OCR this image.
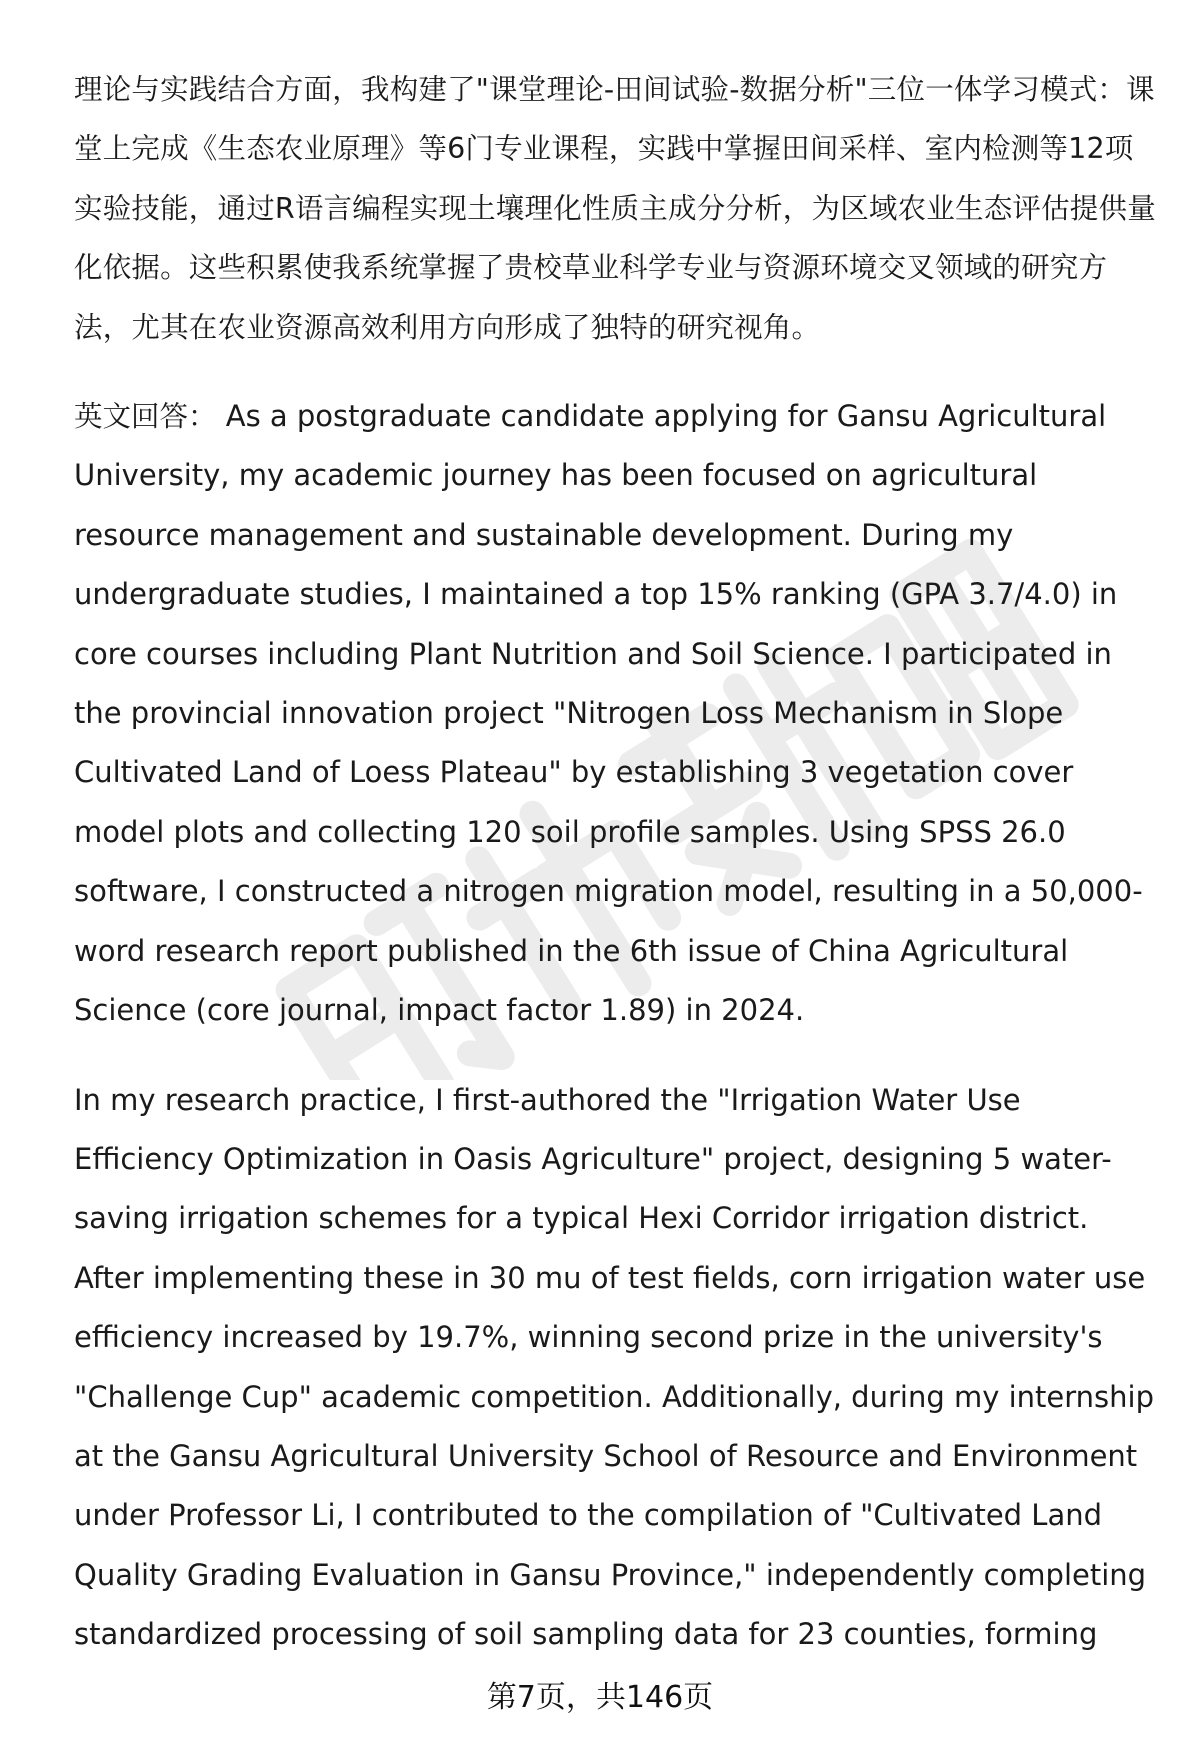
理论与实践结合方面，我构建了"课堂理论-田间试验-数据分析"三位一体学习模式：课堂上完成《生态农业原理》等6门专业课程，实践中掌握田间采样、室内检测等12项实验技能，通过R语言编程实现土壤理化性质主成分分析，为区域农业生态评估提供量化依据。这些积累使我系统掌握了贵校草业科学专业与资源环境交叉领域的研究方法，尤其在农业资源高效利用方向形成了独特的研究视角。

英文回答： As a postgraduate candidate applying for Gansu Agricultural University, my academic journey has been focused on agricultural resource management and sustainable development. During my undergraduate studies, I maintained a top 15% ranking (GPA 3.7/4.0) in core courses including Plant Nutrition and Soil Science. I participated in the provincial innovation project "Nitrogen Loss Mechanism in Slope Cultivated Land of Loess Plateau" by establishing 3 vegetation cover model plots and collecting 120 soil profile samples. Using SPSS 26.0 software, I constructed a nitrogen migration model, resulting in a 50,000-word research report published in the 6th issue of China Agricultural Science (core journal, impact factor 1.89) in 2024.

In my research practice, I first-authored the "Irrigation Water Use Efficiency Optimization in Oasis Agriculture" project, designing 5 water-saving irrigation schemes for a typical Hexi Corridor irrigation district. After implementing these in 30 mu of test fields, corn irrigation water use efficiency increased by 19.7%, winning second prize in the university's "Challenge Cup" academic competition. Additionally, during my internship at the Gansu Agricultural University School of Resource and Environment under Professor Li, I contributed to the compilation of "Cultivated Land Quality Grading Evaluation in Gansu Province," independently completing standardized processing of soil sampling data for 23 counties, forming

第7页，共146页
